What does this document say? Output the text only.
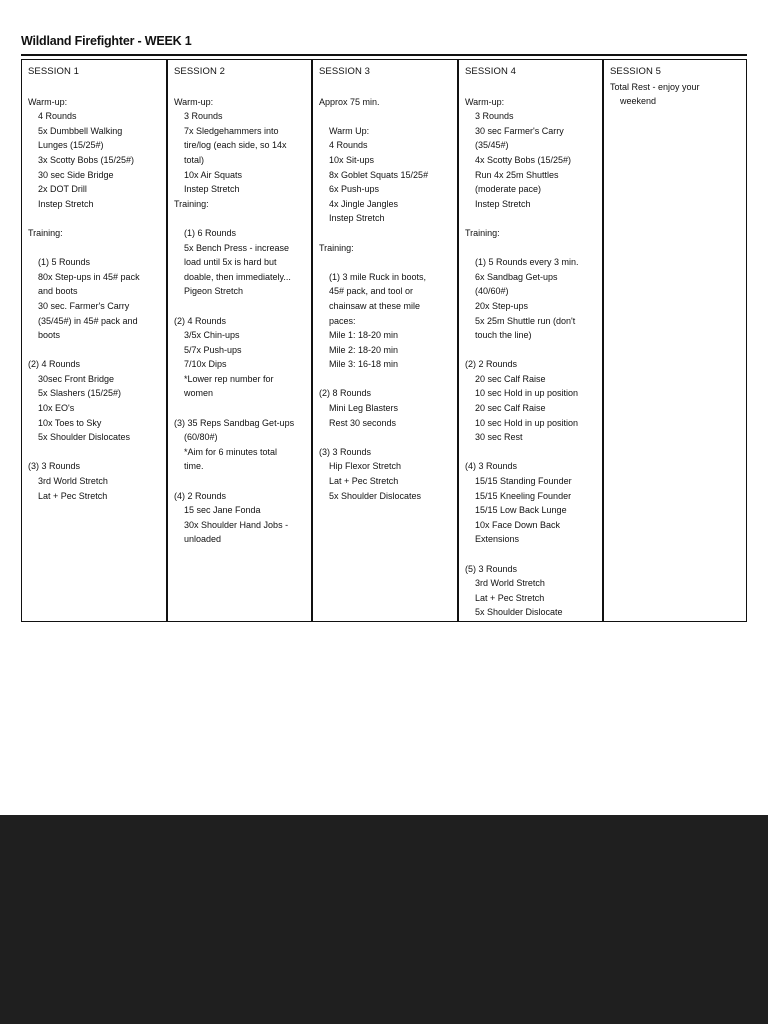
Wildland Firefighter - WEEK 1
SESSION 1
Warm-up:
4 Rounds
5x Dumbbell Walking
Lunges (15/25#)
3x Scotty Bobs (15/25#)
30 sec Side Bridge
2x DOT Drill
Instep Stretch
Training:
(1) 5 Rounds
80x Step-ups in 45# pack
and boots
30 sec. Farmer's Carry
(35/45#) in 45# pack and
boots
(2) 4 Rounds
30sec Front Bridge
5x Slashers (15/25#)
10x EO's
10x Toes to Sky
5x Shoulder Dislocates
(3) 3 Rounds
3rd World Stretch
Lat + Pec Stretch
SESSION 2
Warm-up:
3 Rounds
7x Sledgehammers into
tire/log (each side, so 14x
total)
10x Air Squats
Instep Stretch
Training:
(1) 6 Rounds
5x Bench Press - increase
load until 5x is hard but
doable, then immediately...
Pigeon Stretch
(2) 4 Rounds
3/5x Chin-ups
5/7x Push-ups
7/10x Dips
*Lower rep number for
women
(3) 35 Reps Sandbag Get-ups
(60/80#)
*Aim for 6 minutes total
time.
(4) 2 Rounds
15 sec Jane Fonda
30x Shoulder Hand Jobs -
unloaded
SESSION 3
Approx 75 min.
Warm Up:
4 Rounds
10x Sit-ups
8x Goblet Squats 15/25#
6x Push-ups
4x Jingle Jangles
Instep Stretch
Training:
(1) 3 mile Ruck in boots,
45# pack, and tool or
chainsaw at these mile
paces:
Mile 1: 18-20 min
Mile 2: 18-20 min
Mile 3: 16-18 min
(2) 8 Rounds
Mini Leg Blasters
Rest 30 seconds
(3) 3 Rounds
Hip Flexor Stretch
Lat + Pec Stretch
5x Shoulder Dislocates
SESSION 4
Warm-up:
3 Rounds
30 sec Farmer's Carry
(35/45#)
4x Scotty Bobs (15/25#)
Run 4x 25m Shuttles
(moderate pace)
Instep Stretch
Training:
(1) 5 Rounds every 3 min.
6x Sandbag Get-ups
(40/60#)
20x Step-ups
5x 25m Shuttle run (don't
touch the line)
(2) 2 Rounds
20 sec Calf Raise
10 sec Hold in up position
20 sec Calf Raise
10 sec Hold in up position
30 sec Rest
(4) 3 Rounds
15/15 Standing Founder
15/15 Kneeling Founder
15/15 Low Back Lunge
10x Face Down Back
Extensions
(5) 3 Rounds
3rd World Stretch
Lat + Pec Stretch
5x Shoulder Dislocate
SESSION 5
Total Rest - enjoy your
weekend
